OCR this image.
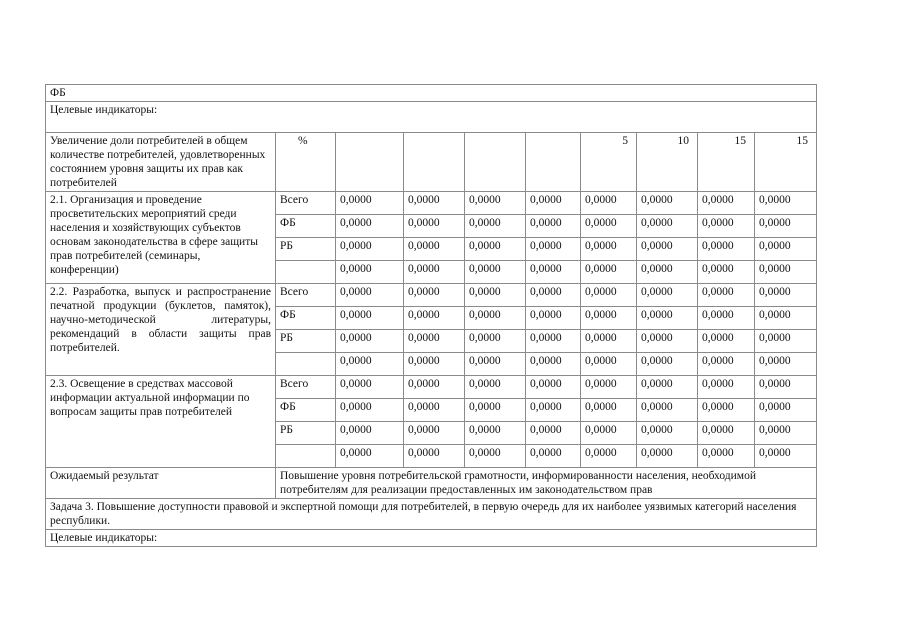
ФБ									
Целевые индикаторы:									
Увеличение доли потребителей в общем количестве потребителей, удовлетворенных состоянием уровня защиты их прав как потребителей	%					5	10	15	15
2.1. Организация и проведение просветительских мероприятий среди населения и хозяйствующих субъектов основам законодательства в сфере защиты прав потребителей (семинары, конференции)	Всего	0,0000	0,0000	0,0000	0,0000	0,0000	0,0000	0,0000	0,0000
	ФБ	0,0000	0,0000	0,0000	0,0000	0,0000	0,0000	0,0000	0,0000
	РБ	0,0000	0,0000	0,0000	0,0000	0,0000	0,0000	0,0000	0,0000
		0,0000	0,0000	0,0000	0,0000	0,0000	0,0000	0,0000	0,0000
2.2. Разработка, выпуск и распространение печатной продукции (буклетов, памяток), научно-методической литературы, рекомендаций в области защиты прав потребителей.	Всего	0,0000	0,0000	0,0000	0,0000	0,0000	0,0000	0,0000	0,0000
	ФБ	0,0000	0,0000	0,0000	0,0000	0,0000	0,0000	0,0000	0,0000
	РБ	0,0000	0,0000	0,0000	0,0000	0,0000	0,0000	0,0000	0,0000
		0,0000	0,0000	0,0000	0,0000	0,0000	0,0000	0,0000	0,0000
2.3. Освещение в средствах массовой информации актуальной информации по вопросам защиты прав потребителей	Всего	0,0000	0,0000	0,0000	0,0000	0,0000	0,0000	0,0000	0,0000
	ФБ	0,0000	0,0000	0,0000	0,0000	0,0000	0,0000	0,0000	0,0000
	РБ	0,0000	0,0000	0,0000	0,0000	0,0000	0,0000	0,0000	0,0000
		0,0000	0,0000	0,0000	0,0000	0,0000	0,0000	0,0000	0,0000
Ожидаемый результат	Повышение уровня потребительской грамотности, информированности населения, необходимой потребителям для реализации предоставленных им законодательством прав								
Задача 3. Повышение доступности правовой и экспертной помощи для потребителей, в первую очередь для их наиболее уязвимых категорий населения республики.									
Целевые индикаторы:									
